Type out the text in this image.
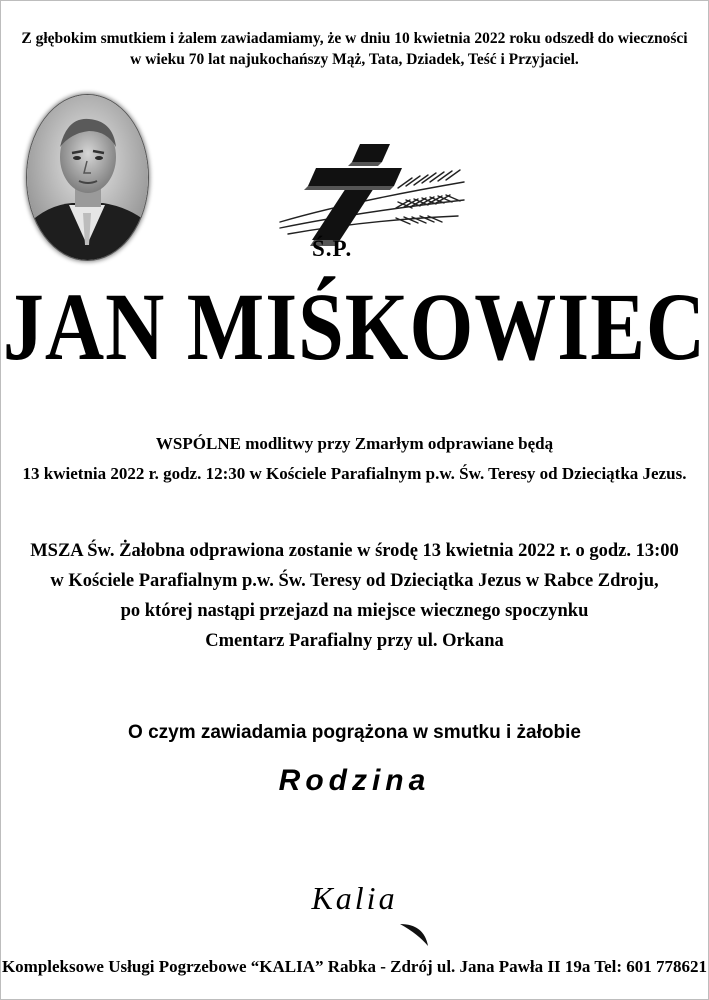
Z głębokim smutkiem i żalem zawiadamiamy, że w dniu 10 kwietnia 2022 roku odszedł do wieczności
w wieku 70 lat najukochańszy Mąż, Tata, Dziadek, Teść i Przyjaciel.
Ś.P.
JAN MIŚKOWIEC
WSPÓLNE modlitwy przy Zmarłym odprawiane będą
13 kwietnia 2022 r. godz. 12:30 w Kościele Parafialnym p.w. Św. Teresy od Dzieciątka Jezus.
MSZA Św. Żałobna odprawiona zostanie w środę 13 kwietnia 2022 r. o godz. 13:00
w Kościele Parafialnym p.w. Św. Teresy od Dzieciątka Jezus w Rabce Zdroju,
po której nastąpi przejazd na miejsce wiecznego spoczynku
Cmentarz Parafialny przy ul. Orkana
O czym zawiadamia pogrążona w smutku i żałobie
Rodzina
Kalia
Kompleksowe Usługi Pogrzebowe “KALIA” Rabka - Zdrój ul. Jana Pawła II 19a Tel: 601 778621
